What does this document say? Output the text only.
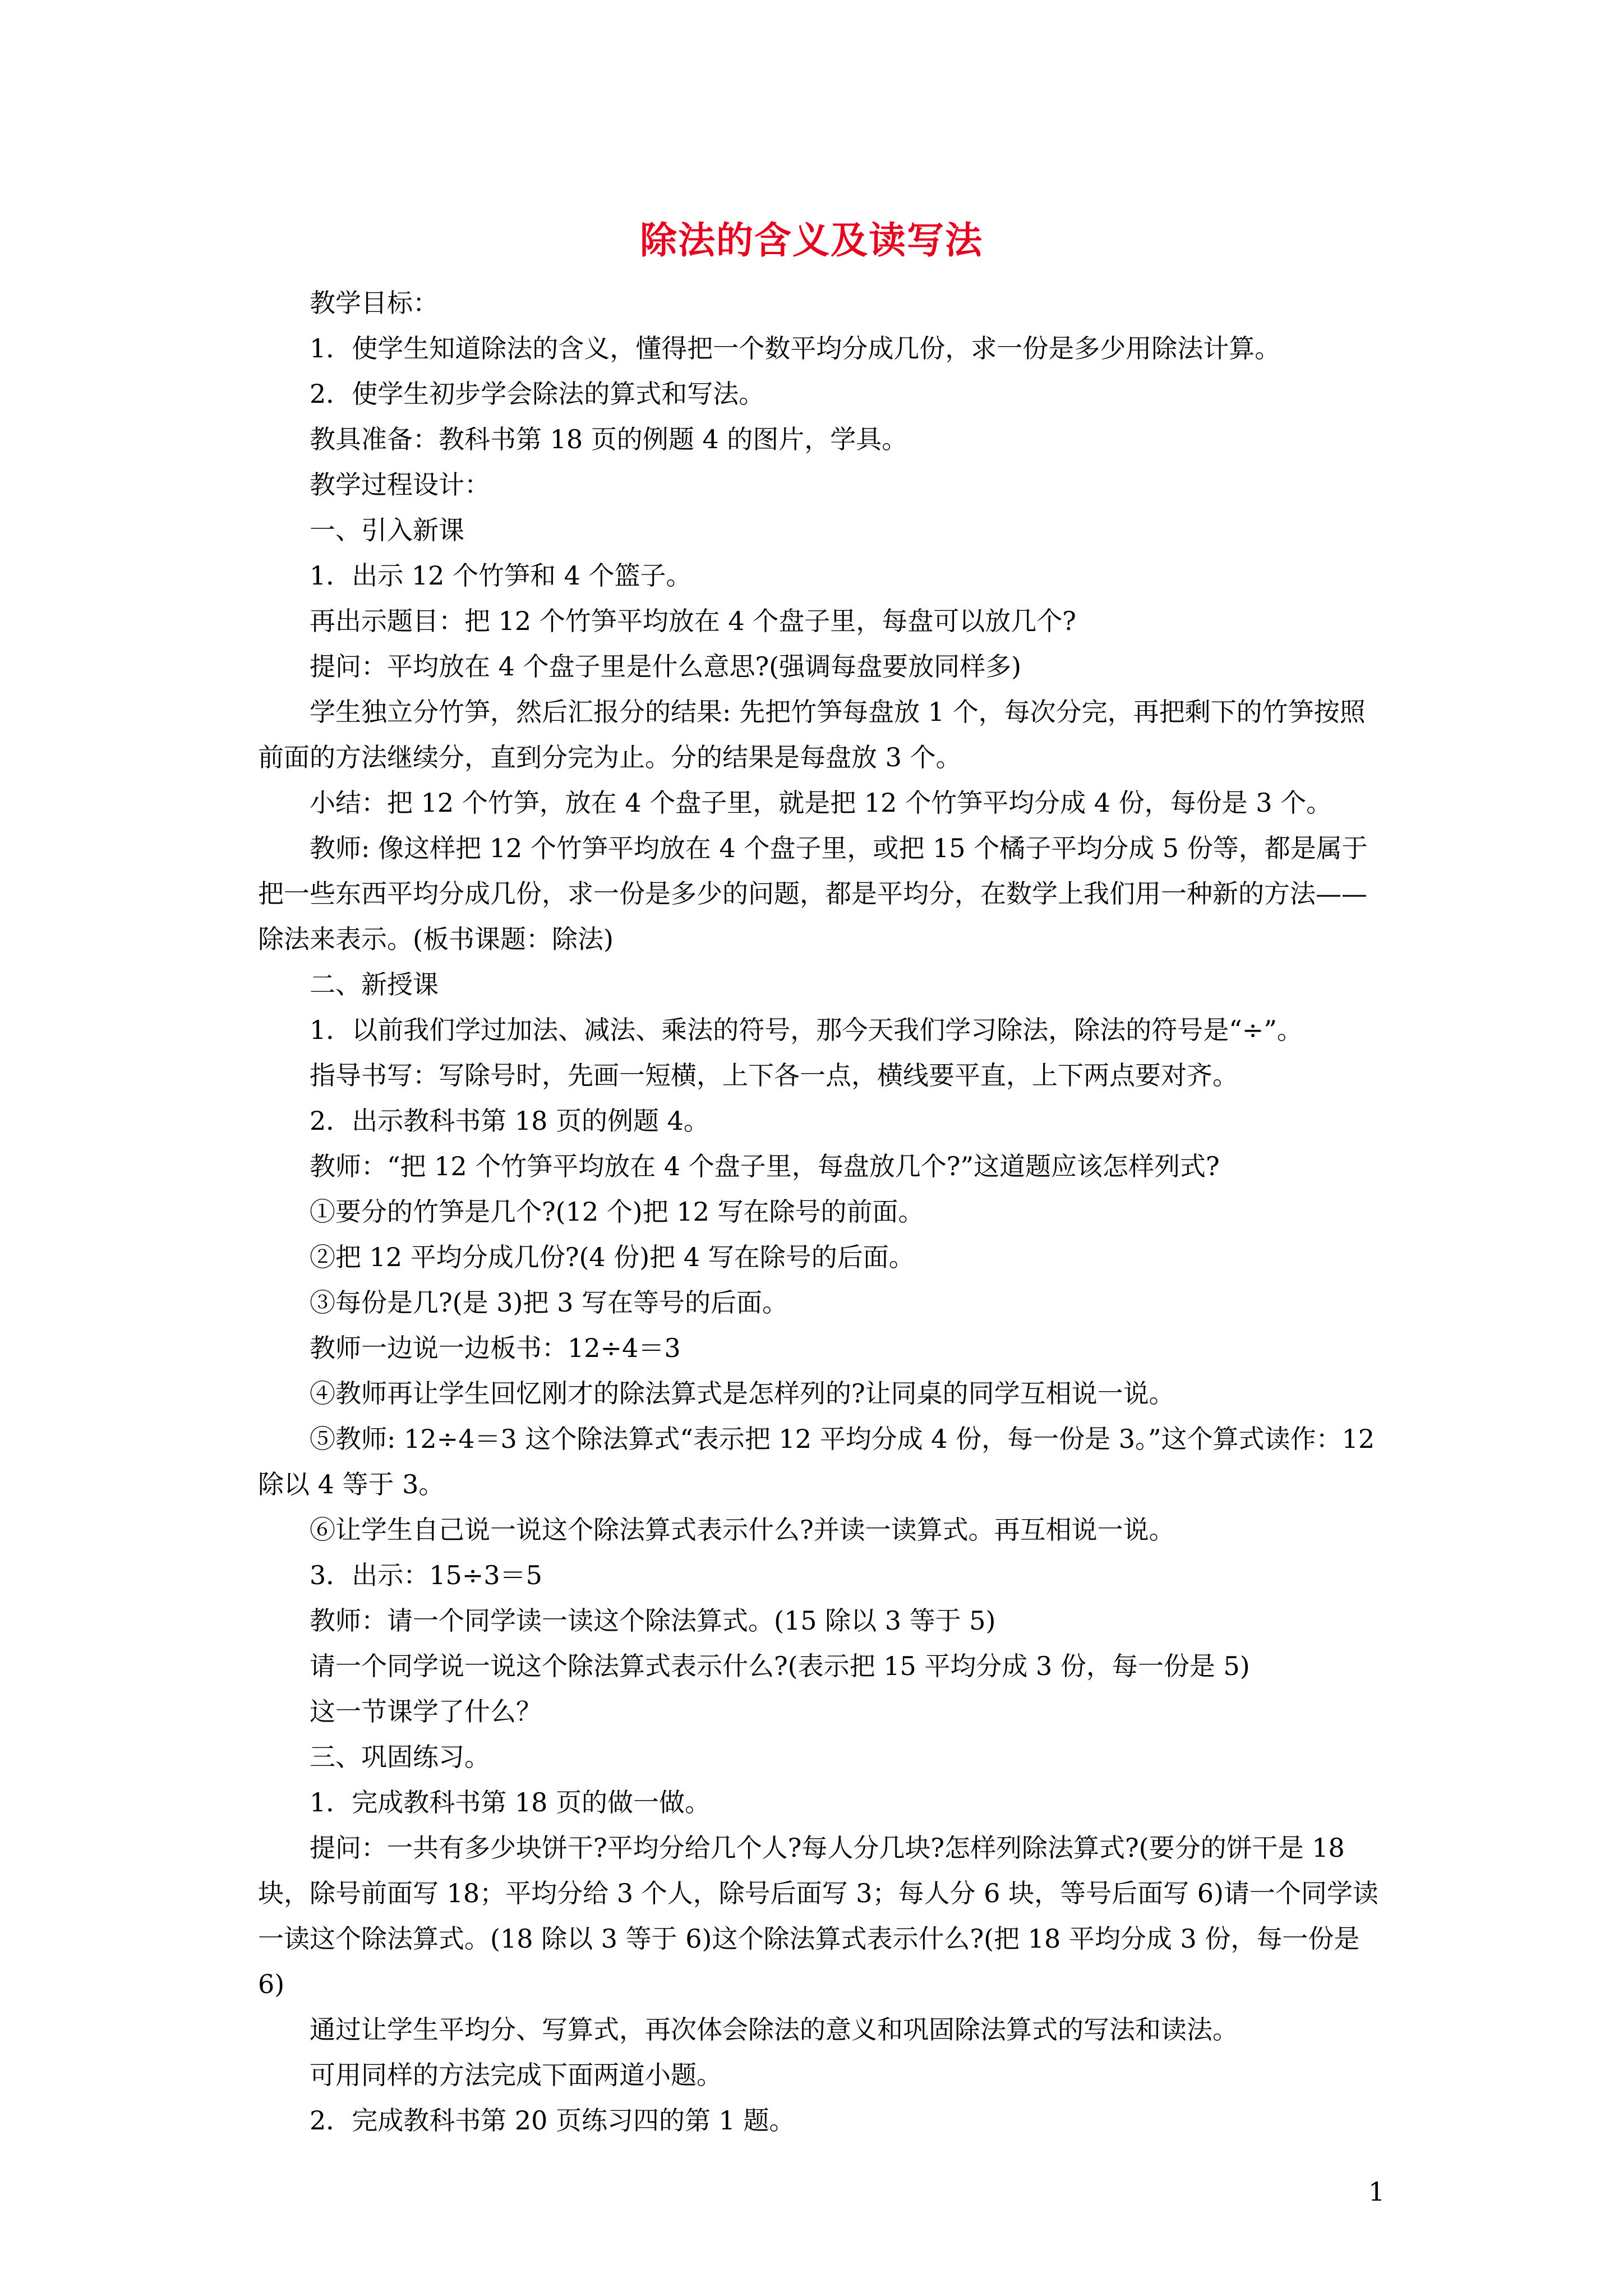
除法的含义及读写法

教学目标：

1．使学生知道除法的含义，懂得把一个数平均分成几份，求一份是多少用除法计算。

2．使学生初步学会除法的算式和写法。

教具准备：教科书第 18 页的例题 4 的图片，学具。

教学过程设计：

一、引入新课

1．出示 12 个竹笋和 4 个篮子。

再出示题目：把 12 个竹笋平均放在 4 个盘子里，每盘可以放几个?

提问：平均放在 4 个盘子里是什么意思?(强调每盘要放同样多)

学生独立分竹笋，然后汇报分的结果: 先把竹笋每盘放 1 个，每次分完，再把剩下的竹笋按照前面的方法继续分，直到分完为止。分的结果是每盘放 3 个。

小结：把 12 个竹笋，放在 4 个盘子里，就是把 12 个竹笋平均分成 4 份，每份是 3 个。

教师: 像这样把 12 个竹笋平均放在 4 个盘子里，或把 15 个橘子平均分成 5 份等，都是属于把一些东西平均分成几份，求一份是多少的问题，都是平均分，在数学上我们用一种新的方法——除法来表示。(板书课题：除法)

二、新授课

1．以前我们学过加法、减法、乘法的符号，那今天我们学习除法，除法的符号是“÷”。

指导书写：写除号时，先画一短横，上下各一点，横线要平直，上下两点要对齐。

2．出示教科书第 18 页的例题 4。

教师：“把 12 个竹笋平均放在 4 个盘子里，每盘放几个?”这道题应该怎样列式?

①要分的竹笋是几个?(12 个)把 12 写在除号的前面。

②把 12 平均分成几份?(4 份)把 4 写在除号的后面。

③每份是几?(是 3)把 3 写在等号的后面。

教师一边说一边板书：12÷4＝3

④教师再让学生回忆刚才的除法算式是怎样列的?让同桌的同学互相说一说。

⑤教师: 12÷4＝3 这个除法算式“表示把 12 平均分成 4 份，每一份是 3。”这个算式读作：12 除以 4 等于 3。

⑥让学生自己说一说这个除法算式表示什么?并读一读算式。再互相说一说。

3．出示：15÷3＝5

教师：请一个同学读一读这个除法算式。(15 除以 3 等于 5)

请一个同学说一说这个除法算式表示什么?(表示把 15 平均分成 3 份，每一份是 5)

这一节课学了什么？

三、巩固练习。

1．完成教科书第 18 页的做一做。

提问：一共有多少块饼干?平均分给几个人?每人分几块?怎样列除法算式?(要分的饼干是 18 块，除号前面写 18；平均分给 3 个人，除号后面写 3；每人分 6 块，等号后面写 6)请一个同学读一读这个除法算式。(18 除以 3 等于 6)这个除法算式表示什么?(把 18 平均分成 3 份，每一份是 6)

通过让学生平均分、写算式，再次体会除法的意义和巩固除法算式的写法和读法。

可用同样的方法完成下面两道小题。

2．完成教科书第 20 页练习四的第 1 题。

1
